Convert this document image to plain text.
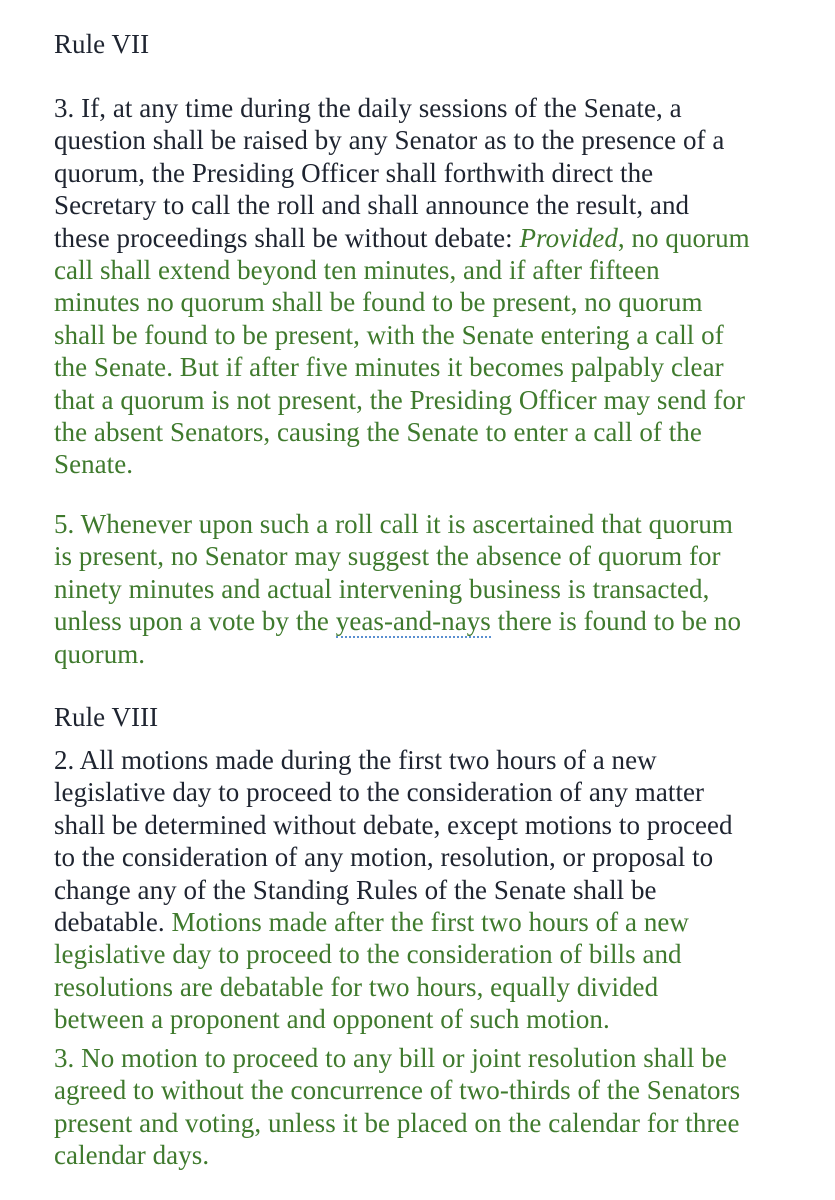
Rule VII
3. If, at any time during the daily sessions of the Senate, a
question shall be raised by any Senator as to the presence of a
quorum, the Presiding Officer shall forthwith direct the
Secretary to call the roll and shall announce the result, and
these proceedings shall be without debate: Provided, no quorum
call shall extend beyond ten minutes, and if after fifteen
minutes no quorum shall be found to be present, no quorum
shall be found to be present, with the Senate entering a call of
the Senate. But if after five minutes it becomes palpably clear
that a quorum is not present, the Presiding Officer may send for
the absent Senators, causing the Senate to enter a call of the
Senate.
5. Whenever upon such a roll call it is ascertained that quorum
is present, no Senator may suggest the absence of quorum for
ninety minutes and actual intervening business is transacted,
unless upon a vote by the yeas-and-nays there is found to be no
quorum.
Rule VIII
2. All motions made during the first two hours of a new
legislative day to proceed to the consideration of any matter
shall be determined without debate, except motions to proceed
to the consideration of any motion, resolution, or proposal to
change any of the Standing Rules of the Senate shall be
debatable. Motions made after the first two hours of a new
legislative day to proceed to the consideration of bills and
resolutions are debatable for two hours, equally divided
between a proponent and opponent of such motion.
3. No motion to proceed to any bill or joint resolution shall be
agreed to without the concurrence of two-thirds of the Senators
present and voting, unless it be placed on the calendar for three
calendar days.
